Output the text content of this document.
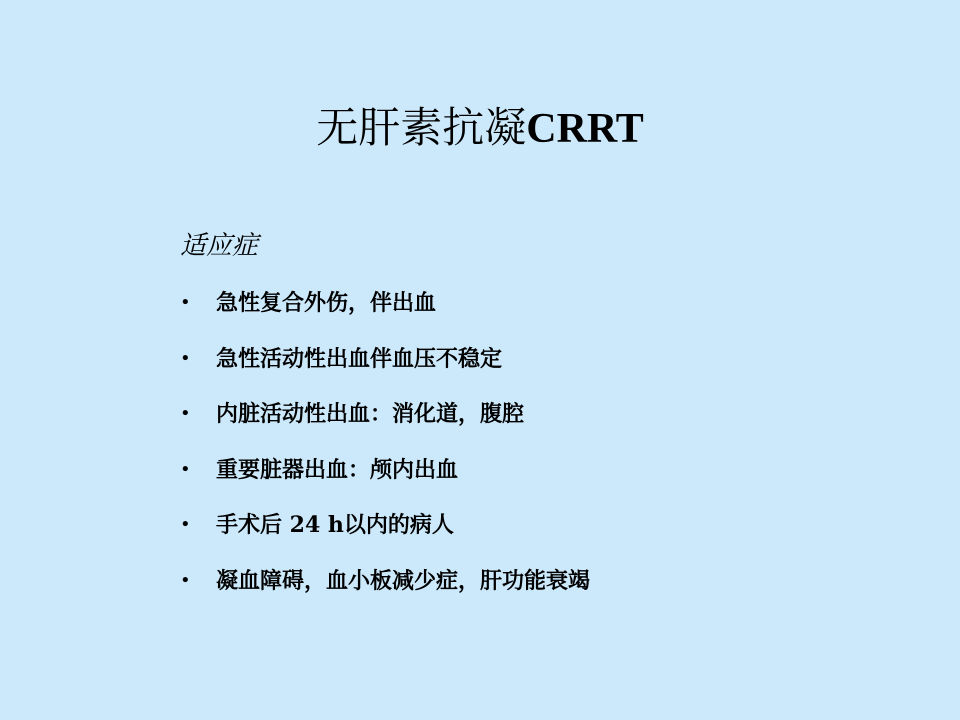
无肝素抗凝CRRT
适应症
• 急性复合外伤，伴出血
• 急性活动性出血伴血压不稳定
• 内脏活动性出血：消化道，腹腔
• 重要脏器出血：颅内出血
• 手术后 24 h以内的病人
• 凝血障碍，血小板减少症，肝功能衰竭
